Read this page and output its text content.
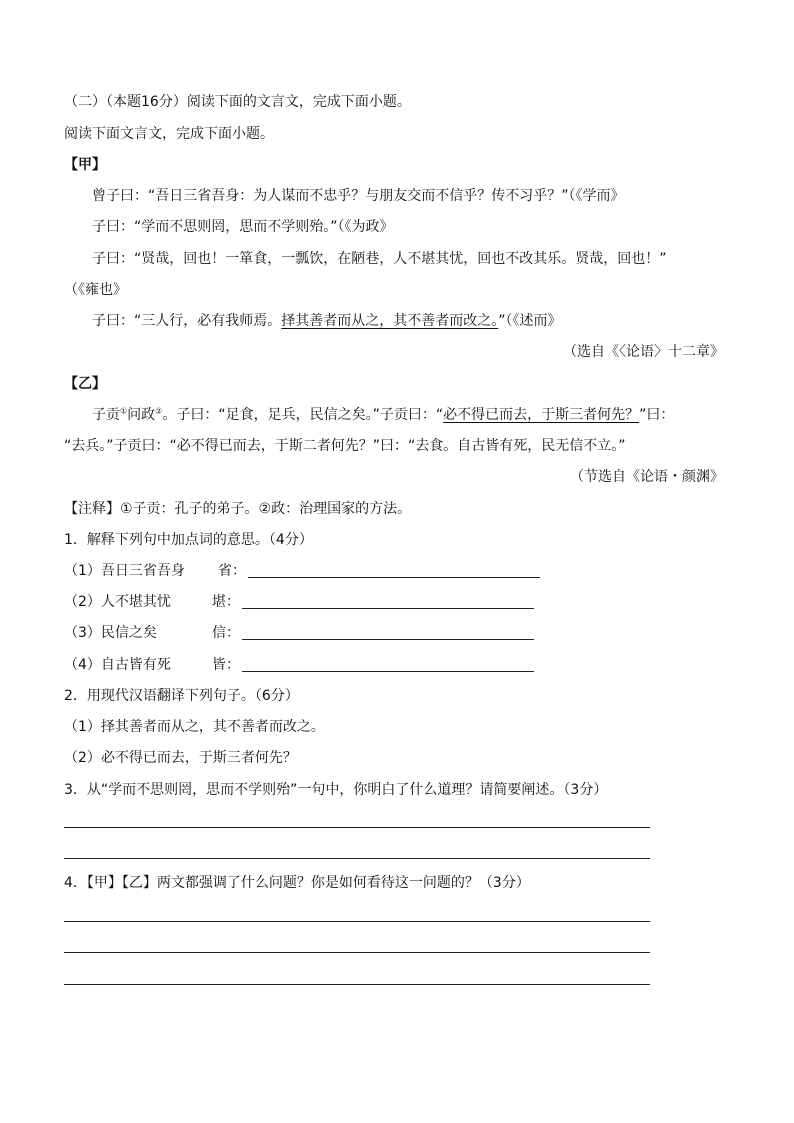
（二）（本题16分）阅读下面的文言文，完成下面小题。
阅读下面文言文，完成下面小题。
【甲】
曾子曰：“吾日三省吾身：为人谋而不忠乎？与朋友交而不信乎？传不习乎？”（《学而》
子曰：“学而不思则罔，思而不学则殆。”（《为政》
子曰：“贤哉，回也！一箪食，一瓢饮，在陋巷，人不堪其忧，回也不改其乐。贤哉，回也！”
（《雍也》
子曰：“三人行，必有我师焉。择其善者而从之，其不善者而改之。”（《述而》
（选自《〈论语〉十二章》
【乙】
子贡①问政②。子曰：“足食，足兵，民信之矣。”子贡曰：“必不得已而去，于斯三者何先？”曰：
“去兵。”子贡曰：“必不得已而去，于斯二者何先？”曰：“去食。自古皆有死，民无信不立。”
（节选自《论语・颜渊》
【注释】①子贡：孔子的弟子。②政：治理国家的方法。
1．解释下列句中加点词的意思。（4分）
（1）吾日三省吾身 省：
（2）人不堪其忧	堪：
（3）民信之矣	信：
（4）自古皆有死	皆：
2．用现代汉语翻译下列句子。（6分）
（1）择其善者而从之，其不善者而改之。
（2）必不得已而去，于斯三者何先？
3．从“学而不思则罔，思而不学则殆”一句中，你明白了什么道理？请简要阐述。（3分）
4．【甲】【乙】两文都强调了什么问题？你是如何看待这一问题的？（3分）
